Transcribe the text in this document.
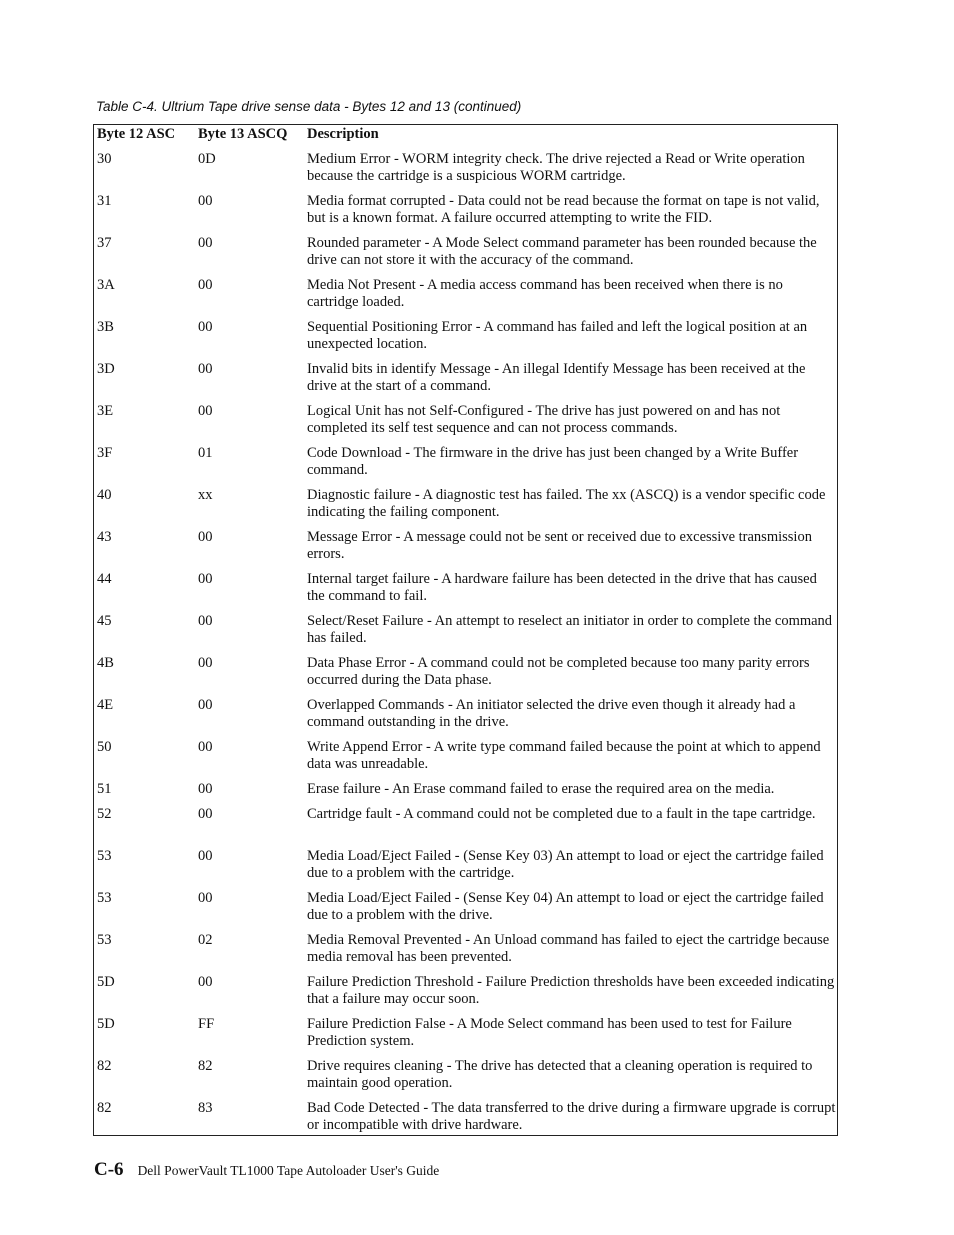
Table C-4. Ultrium Tape drive sense data - Bytes 12 and 13 (continued)
Byte 12 ASC Byte 13 ASCQ Description
30	0D	Medium Error - WORM integrity check. The drive rejected a Read or Write operation because the cartridge is a suspicious WORM cartridge.
31	00	Media format corrupted - Data could not be read because the format on tape is not valid, but is a known format. A failure occurred attempting to write the FID.
37	00	Rounded parameter - A Mode Select command parameter has been rounded because the drive can not store it with the accuracy of the command.
3A	00	Media Not Present - A media access command has been received when there is no cartridge loaded.
3B	00	Sequential Positioning Error - A command has failed and left the logical position at an unexpected location.
3D	00	Invalid bits in identify Message - An illegal Identify Message has been received at the drive at the start of a command.
3E	00	Logical Unit has not Self-Configured - The drive has just powered on and has not completed its self test sequence and can not process commands.
3F	01	Code Download - The firmware in the drive has just been changed by a Write Buffer command.
40	xx	Diagnostic failure - A diagnostic test has failed. The xx (ASCQ) is a vendor specific code indicating the failing component.
43	00	Message Error - A message could not be sent or received due to excessive transmission errors.
44	00	Internal target failure - A hardware failure has been detected in the drive that has caused the command to fail.
45	00	Select/Reset Failure - An attempt to reselect an initiator in order to complete the command has failed.
4B	00	Data Phase Error - A command could not be completed because too many parity errors occurred during the Data phase.
4E	00	Overlapped Commands - An initiator selected the drive even though it already had a command outstanding in the drive.
50	00	Write Append Error - A write type command failed because the point at which to append data was unreadable.
51	00	Erase failure - An Erase command failed to erase the required area on the media.
52	00	Cartridge fault - A command could not be completed due to a fault in the tape cartridge.
53	00	Media Load/Eject Failed - (Sense Key 03) An attempt to load or eject the cartridge failed due to a problem with the cartridge.
53	00	Media Load/Eject Failed - (Sense Key 04) An attempt to load or eject the cartridge failed due to a problem with the drive.
53	02	Media Removal Prevented - An Unload command has failed to eject the cartridge because media removal has been prevented.
5D	00	Failure Prediction Threshold - Failure Prediction thresholds have been exceeded indicating that a failure may occur soon.
5D	FF	Failure Prediction False - A Mode Select command has been used to test for Failure Prediction system.
82	82	Drive requires cleaning - The drive has detected that a cleaning operation is required to maintain good operation.
82	83	Bad Code Detected - The data transferred to the drive during a firmware upgrade is corrupt or incompatible with drive hardware.
C-6 Dell PowerVault TL1000 Tape Autoloader User's Guide
